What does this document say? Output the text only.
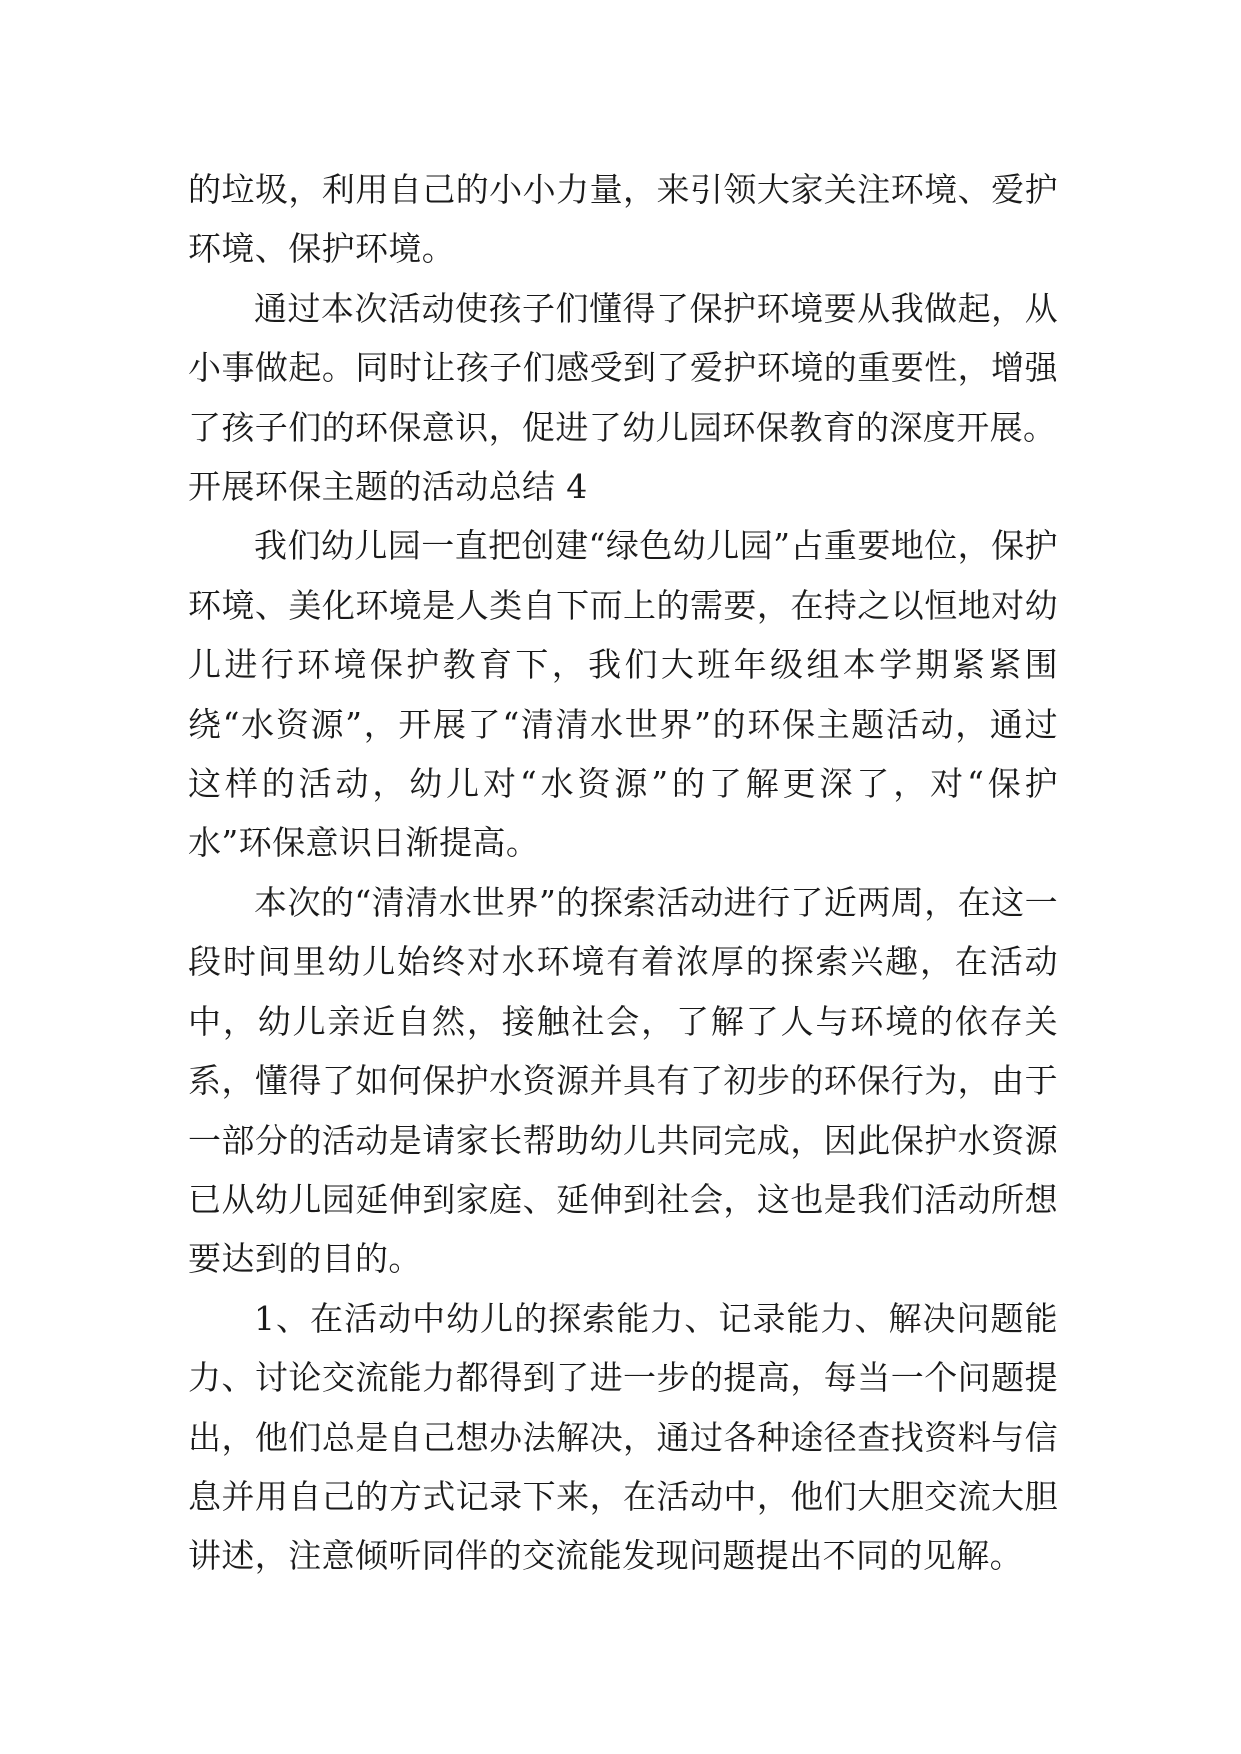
的垃圾，利用自己的小小力量，来引领大家关注环境、爱护环境、保护环境。

通过本次活动使孩子们懂得了保护环境要从我做起，从小事做起。同时让孩子们感受到了爱护环境的重要性，增强了孩子们的环保意识，促进了幼儿园环保教育的深度开展。

开展环保主题的活动总结 4

我们幼儿园一直把创建“绿色幼儿园”占重要地位，保护环境、美化环境是人类自下而上的需要，在持之以恒地对幼儿进行环境保护教育下，我们大班年级组本学期紧紧围绕“水资源”，开展了“清清水世界”的环保主题活动，通过这样的活动，幼儿对“水资源”的了解更深了，对“保护水”环保意识日渐提高。

本次的“清清水世界”的探索活动进行了近两周，在这一段时间里幼儿始终对水环境有着浓厚的探索兴趣，在活动中，幼儿亲近自然，接触社会，了解了人与环境的依存关系，懂得了如何保护水资源并具有了初步的环保行为，由于一部分的活动是请家长帮助幼儿共同完成，因此保护水资源已从幼儿园延伸到家庭、延伸到社会，这也是我们活动所想要达到的目的。

1、在活动中幼儿的探索能力、记录能力、解决问题能力、讨论交流能力都得到了进一步的提高，每当一个问题提出，他们总是自己想办法解决，通过各种途径查找资料与信息并用自己的方式记录下来，在活动中，他们大胆交流大胆讲述，注意倾听同伴的交流能发现问题提出不同的见解。
